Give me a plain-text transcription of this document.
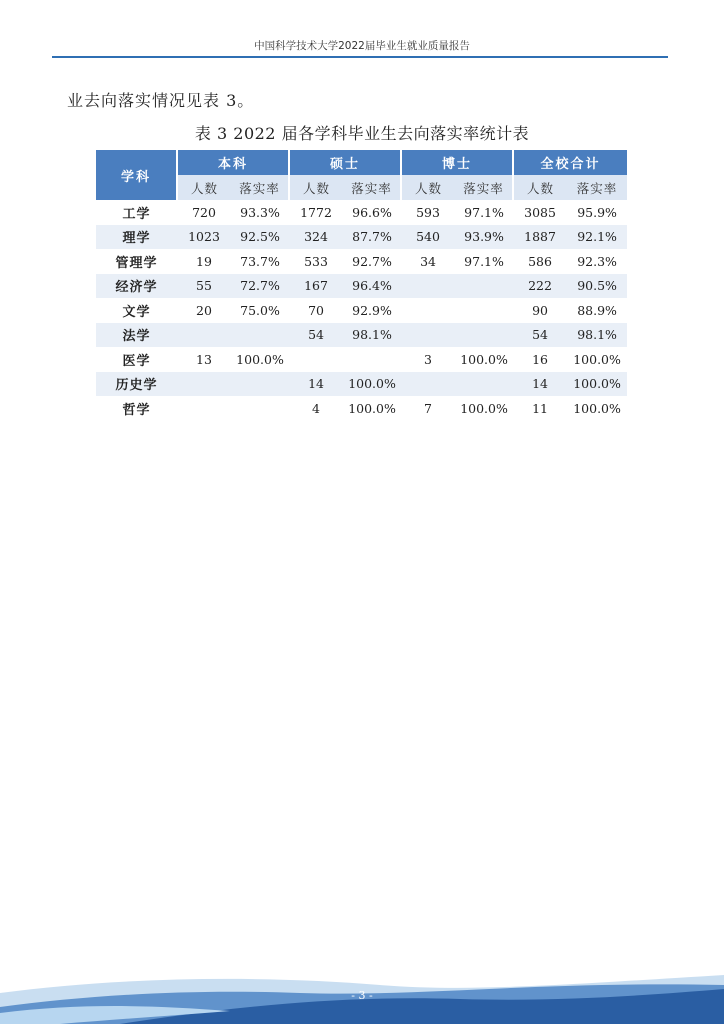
中国科学技术大学2022届毕业生就业质量报告
业去向落实情况见表 3。
表 3 2022 届各学科毕业生去向落实率统计表
学科	本科		硕士		博士		全校合计	
	人数	落实率	人数	落实率	人数	落实率	人数	落实率
工学	720	93.3%	1772	96.6%	593	97.1%	3085	95.9%
理学	1023	92.5%	324	87.7%	540	93.9%	1887	92.1%
管理学	19	73.7%	533	92.7%	34	97.1%	586	92.3%
经济学	55	72.7%	167	96.4%			222	90.5%
文学	20	75.0%	70	92.9%			90	88.9%
法学			54	98.1%			54	98.1%
医学	13	100.0%			3	100.0%	16	100.0%
历史学			14	100.0%			14	100.0%
哲学			4	100.0%	7	100.0%	11	100.0%
- 3 -
